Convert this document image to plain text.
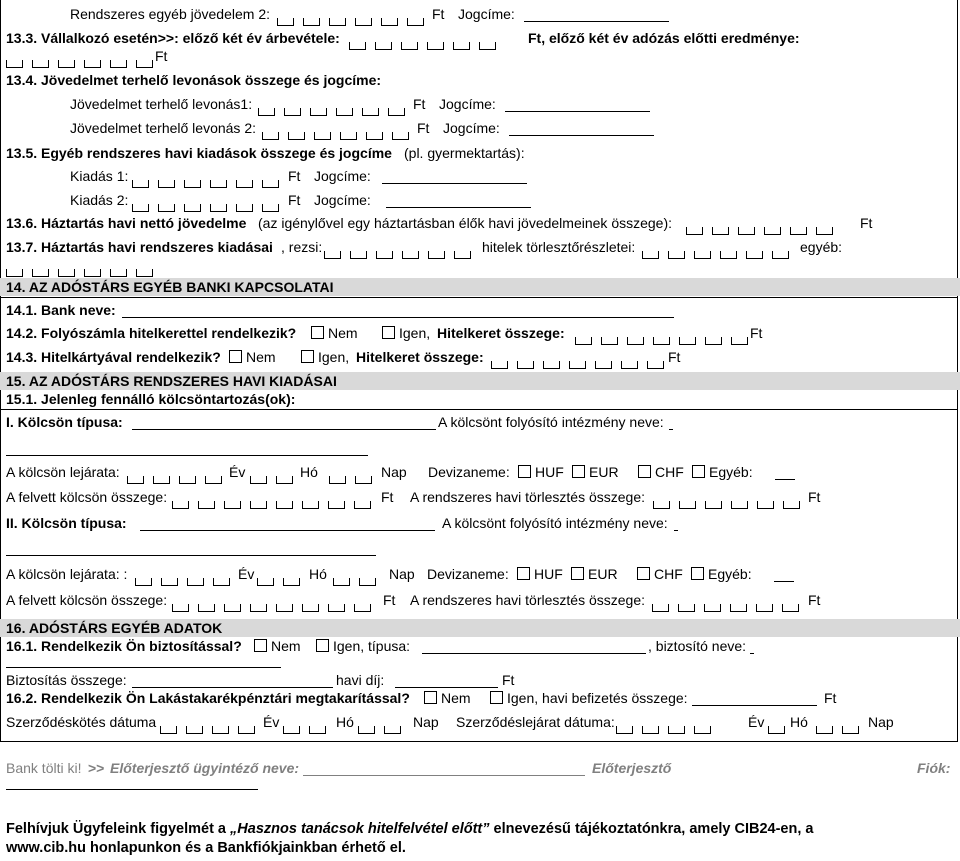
Rendszeres egyéb jövedelem 2:	Ft Jogcíme:
13.3. Vállalkozó esetén>>: előző két év árbevétele:	Ft, előző két év adózás előtti eredménye:
Ft
13.4. Jövedelmet terhelő levonások összege és jogcíme:
Jövedelmet terhelő levonás1:	Ft Jogcíme:
Jövedelmet terhelő levonás 2:	Ft Jogcíme:
13.5. Egyéb rendszeres havi kiadások összege és jogcíme (pl. gyermektartás):
Kiadás 1:	Ft Jogcíme:
Kiadás 2:	Ft Jogcíme:
13.6. Háztartás havi nettó jövedelme (az igénylővel egy háztartásban élők havi jövedelmeinek összege):	Ft
13.7. Háztartás havi rendszeres kiadásai , rezsi:	hitelek törlesztőrészletei:	egyéb:
14. AZ ADÓSTÁRS EGYÉB BANKI KAPCSOLATAI
14.1. Bank neve:
14.2. Folyószámla hitelkerettel rendelkezik?	Nem	Igen, Hitelkeret összege:	Ft
14.3. Hitelkártyával rendelkezik?	Nem	Igen, Hitelkeret összege:	Ft
15. AZ ADÓSTÁRS RENDSZERES HAVI KIADÁSAI
15.1. Jelenleg fennálló kölcsöntartozás(ok):
I. Kölcsön típusa:	A kölcsönt folyósító intézmény neve:
A kölcsön lejárata:	Év	Hó	Nap Devizaneme:	HUF	EUR	CHF	Egyéb:
A felvett kölcsön összege:	Ft A rendszeres havi törlesztés összege:	Ft
II. Kölcsön típusa:	A kölcsönt folyósító intézmény neve:
A kölcsön lejárata: :	Év	Hó	Nap Devizaneme:	HUF	EUR	CHF	Egyéb:
A felvett kölcsön összege:	Ft A rendszeres havi törlesztés összege:	Ft
16. ADÓSTÁRS EGYÉB ADATOK
16.1. Rendelkezik Ön biztosítással?	Nem	Igen, típusa:	, biztosító neve:
Biztosítás összege:	havi díj:	Ft
16.2. Rendelkezik Ön Lakástakarékpénztári megtakarítással?	Nem	Igen, havi befizetés összege:	Ft
Szerződéskötés dátuma	Év	Hó	Nap Szerződéslejárat dátuma:	Év Hó	Nap
Bank tölti ki! >> Előterjesztő ügyintéző neve:	Előterjesztő	Fiók:
Felhívjuk Ügyfeleink figyelmét a „Hasznos tanácsok hitelfelvétel előtt” elnevezésű tájékoztatónkra, amely CIB24-en, a
www.cib.hu honlapunkon és a Bankfiókjainkban érhető el.
